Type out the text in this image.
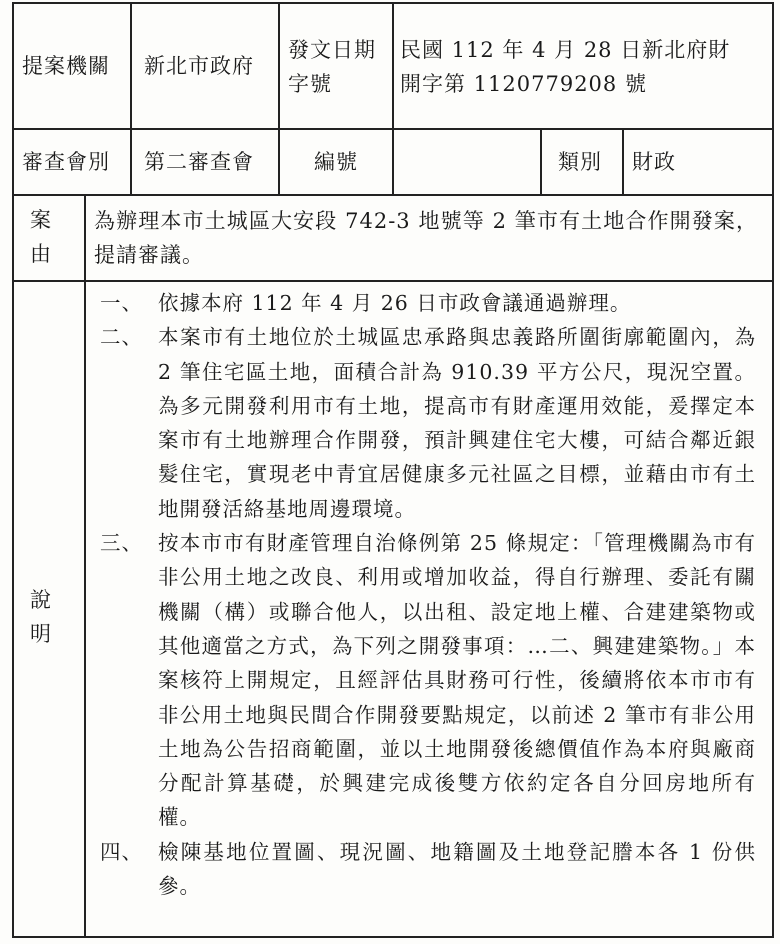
提案機關 新北市政府
發文日期
字號
民國 112 年 4 月 28 日新北府財
開字第 1120779208 號
審查會別 第二審查會	編號	類別 財政
案
由
為辦理本市土城區大安段 742-3 地號等 2 筆市有土地合作開發案，提請審議。
說
明
一、 依據本府 112 年 4 月 26 日市政會議通過辦理。
二、 本案市有土地位於土城區忠承路與忠義路所圍街廓範圍內，為 2 筆住宅區土地，面積合計為 910.39 平方公尺，現況空置。為多元開發利用市有土地，提高市有財產運用效能，爰擇定本案市有土地辦理合作開發，預計興建住宅大樓，可結合鄰近銀髮住宅，實現老中青宜居健康多元社區之目標，並藉由市有土地開發活絡基地周邊環境。
三、 按本市市有財產管理自治條例第 25 條規定：「管理機關為市有非公用土地之改良、利用或增加收益，得自行辦理、委託有關機關（構）或聯合他人，以出租、設定地上權、合建建築物或其他適當之方式，為下列之開發事項：…二、興建建築物。」本案核符上開規定，且經評估具財務可行性，後續將依本市市有非公用土地與民間合作開發要點規定，以前述 2 筆市有非公用土地為公告招商範圍，並以土地開發後總價值作為本府與廠商分配計算基礎，於興建完成後雙方依約定各自分回房地所有權。
四、 檢陳基地位置圖、現況圖、地籍圖及土地登記謄本各 1 份供參。
